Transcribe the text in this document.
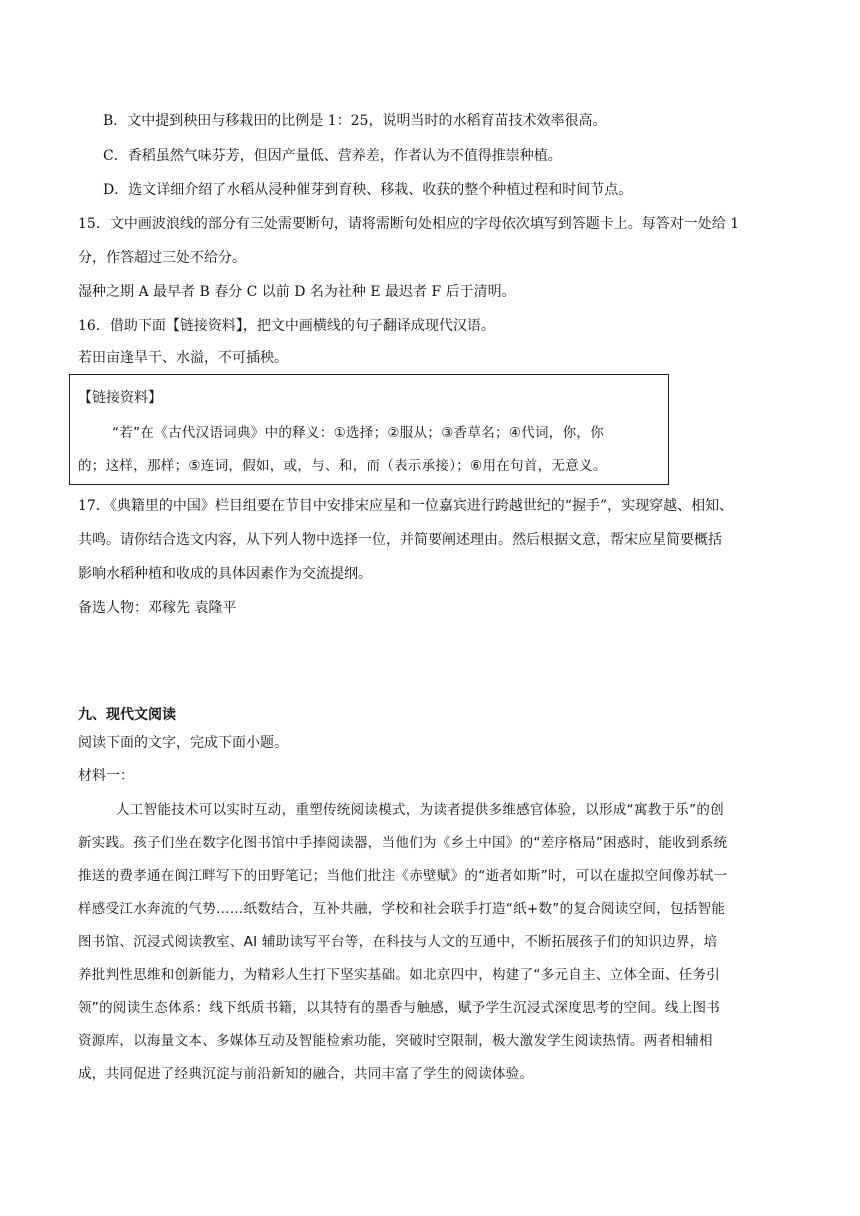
B．文中提到秧田与移栽田的比例是 1：25，说明当时的水稻育苗技术效率很高。
C．香稻虽然气味芬芳，但因产量低、营养差，作者认为不值得推崇种植。
D．选文详细介绍了水稻从浸种催芽到育秧、移栽、收获的整个种植过程和时间节点。
15．文中画波浪线的部分有三处需要断句，请将需断句处相应的字母依次填写到答题卡上。每答对一处给 1
分，作答超过三处不给分。
湿种之期 A 最早者 B 春分 C 以前 D 名为社种 E 最迟者 F 后于清明。
16．借助下面【链接资料】，把文中画横线的句子翻译成现代汉语。
若田亩逢旱干、水溢，不可插秧。
【链接资料】
“若”在《古代汉语词典》中的释义：①选择；②服从；③香草名；④代词，你，你
的；这样，那样；⑤连词，假如，或，与、和，而（表示承接）；⑥用在句首，无意义。
17．《典籍里的中国》栏目组要在节目中安排宋应星和一位嘉宾进行跨越世纪的“握手”，实现穿越、相知、
共鸣。请你结合选文内容，从下列人物中选择一位，并简要阐述理由。然后根据文意，帮宋应星简要概括
影响水稻种植和收成的具体因素作为交流提纲。
备选人物：邓稼先 袁隆平
九、现代文阅读
阅读下面的文字，完成下面小题。
材料一：
人工智能技术可以实时互动，重塑传统阅读模式，为读者提供多维感官体验，以形成“寓教于乐”的创
新实践。孩子们坐在数字化图书馆中手捧阅读器，当他们为《乡土中国》的“差序格局”困惑时，能收到系统
推送的费孝通在阆江畔写下的田野笔记；当他们批注《赤壁赋》的“逝者如斯”时，可以在虚拟空间像苏轼一
样感受江水奔流的气势……纸数结合，互补共融，学校和社会联手打造“纸+数”的复合阅读空间，包括智能
图书馆、沉浸式阅读教室、AI 辅助读写平台等，在科技与人文的互通中，不断拓展孩子们的知识边界，培
养批判性思维和创新能力，为精彩人生打下坚实基础。如北京四中，构建了“多元自主、立体全面、任务引
领”的阅读生态体系：线下纸质书籍，以其特有的墨香与触感，赋予学生沉浸式深度思考的空间。线上图书
资源库，以海量文本、多媒体互动及智能检索功能，突破时空限制，极大激发学生阅读热情。两者相辅相
成，共同促进了经典沉淀与前沿新知的融合，共同丰富了学生的阅读体验。
